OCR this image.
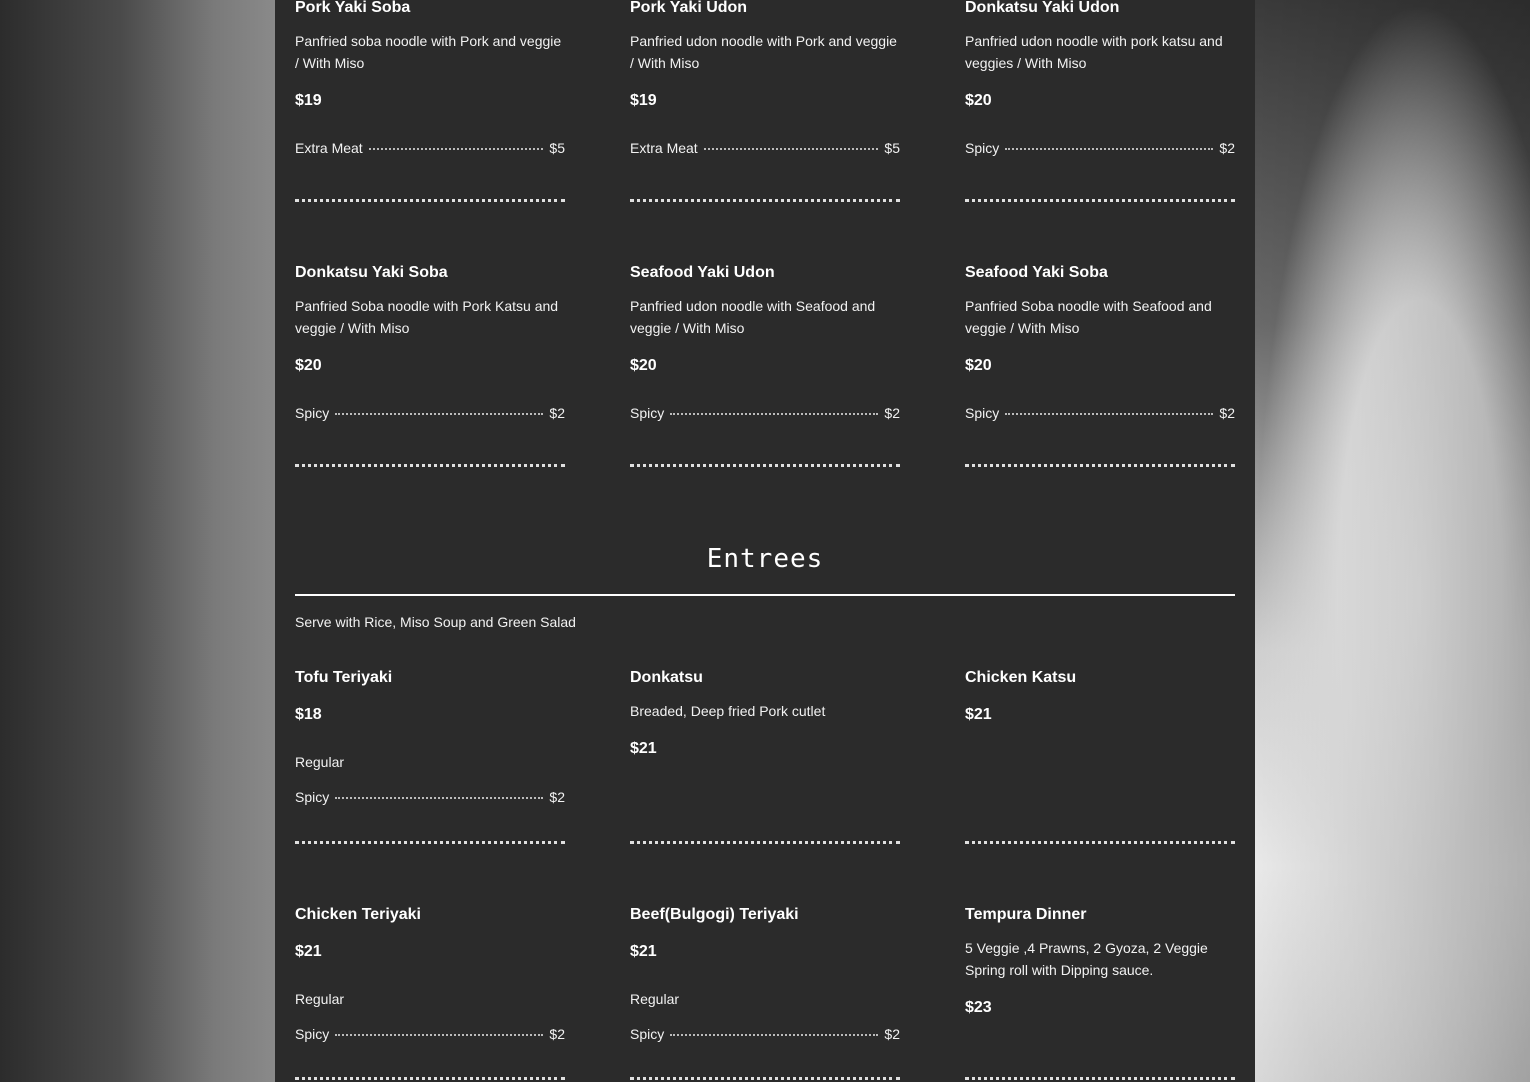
Pork Yaki Soba
Panfried soba noodle with Pork and veggie / With Miso
$19
Extra Meat	$5
Pork Yaki Udon
Panfried udon noodle with Pork and veggie / With Miso
$19
Extra Meat	$5
Donkatsu Yaki Udon
Panfried udon noodle with pork katsu and veggies / With Miso
$20
Spicy	$2
Donkatsu Yaki Soba
Panfried Soba noodle with Pork Katsu and veggie / With Miso
$20
Spicy	$2
Seafood Yaki Udon
Panfried udon noodle with Seafood and veggie / With Miso
$20
Spicy	$2
Seafood Yaki Soba
Panfried Soba noodle with Seafood and veggie / With Miso
$20
Spicy	$2
Entrees
Serve with Rice, Miso Soup and Green Salad
Tofu Teriyaki
$18
Regular
Spicy	$2
Donkatsu
Breaded, Deep fried Pork cutlet
$21
Chicken Katsu
$21
Chicken Teriyaki
$21
Regular
Spicy	$2
Beef(Bulgogi) Teriyaki
$21
Regular
Spicy	$2
Tempura Dinner
5 Veggie ,4 Prawns, 2 Gyoza, 2 Veggie Spring roll with Dipping sauce.
$23
